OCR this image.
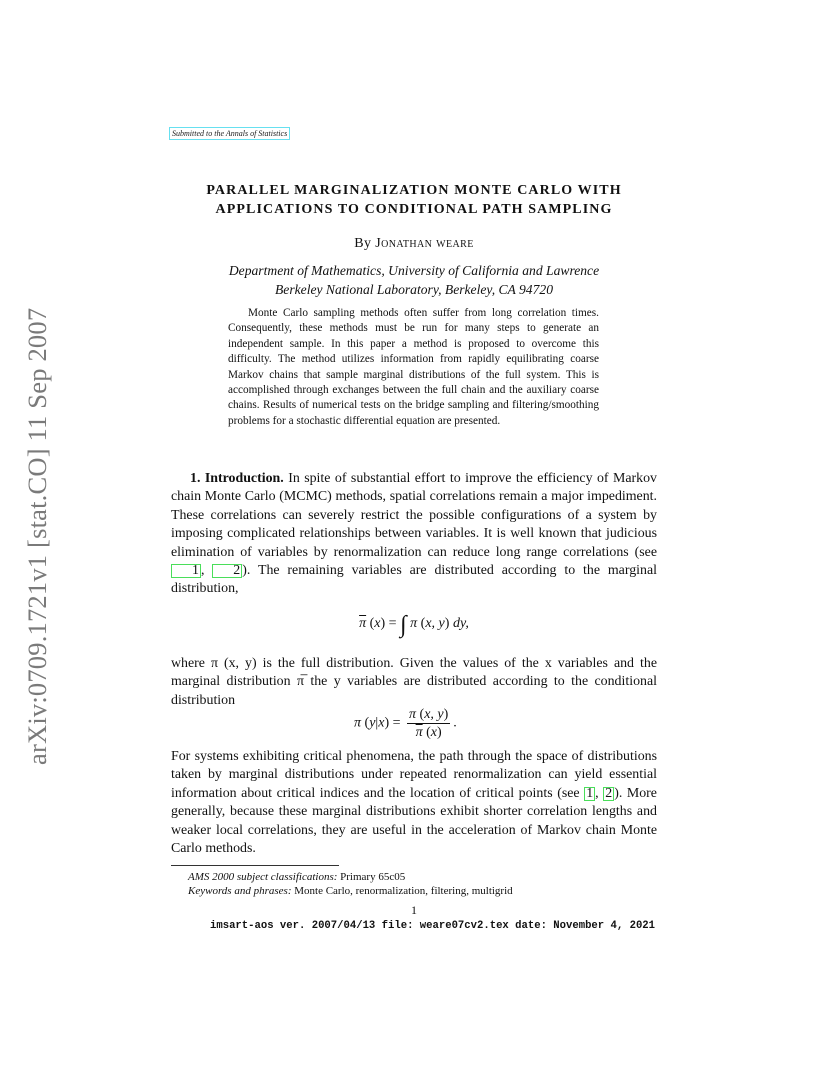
arXiv:0709.1721v1 [stat.CO] 11 Sep 2007
Submitted to the Annals of Statistics
PARALLEL MARGINALIZATION MONTE CARLO WITH
APPLICATIONS TO CONDITIONAL PATH SAMPLING
By Jonathan weare
Department of Mathematics, University of California and Lawrence
Berkeley National Laboratory, Berkeley, CA 94720
Monte Carlo sampling methods often suffer from long correlation times. Consequently, these methods must be run for many steps to generate an independent sample. In this paper a method is proposed to overcome this difficulty. The method utilizes information from rapidly equilibrating coarse Markov chains that sample marginal distributions of the full system. This is accomplished through exchanges between the full chain and the auxiliary coarse chains. Results of numerical tests on the bridge sampling and filtering/smoothing problems for a stochastic differential equation are presented.
1. Introduction. In spite of substantial effort to improve the efficiency of Markov chain Monte Carlo (MCMC) methods, spatial correlations remain a major impediment. These correlations can severely restrict the possible configurations of a system by imposing complicated relationships between variables. It is well known that judicious elimination of variables by renormalization can reduce long range correlations (see 1 , 2 ). The remaining variables are distributed according to the marginal distribution,
$\overline{\pi}$ (x) = ∫ π (x, y) dy,
where π (x, y) is the full distribution. Given the values of the x variables and the marginal distribution π̅ the y variables are distributed according to the conditional distribution
π $(y|x) = \frac{\pi (x, y)}{\overline{\pi} (x)}$ .
For systems exhibiting critical phenomena, the path through the space of distributions taken by marginal distributions under repeated renormalization can yield essential information about critical indices and the location of critical points (see 1 , 2 ). More generally, because these marginal distributions exhibit shorter correlation lengths and weaker local correlations, they are useful in the acceleration of Markov chain Monte Carlo methods.
AMS 2000 subject classifications: Primary 65c05
Keywords and phrases: Monte Carlo, renormalization, filtering, multigrid
1
imsart-aos ver. 2007/04/13 file: weare07cv2.tex date: November 4, 2021
